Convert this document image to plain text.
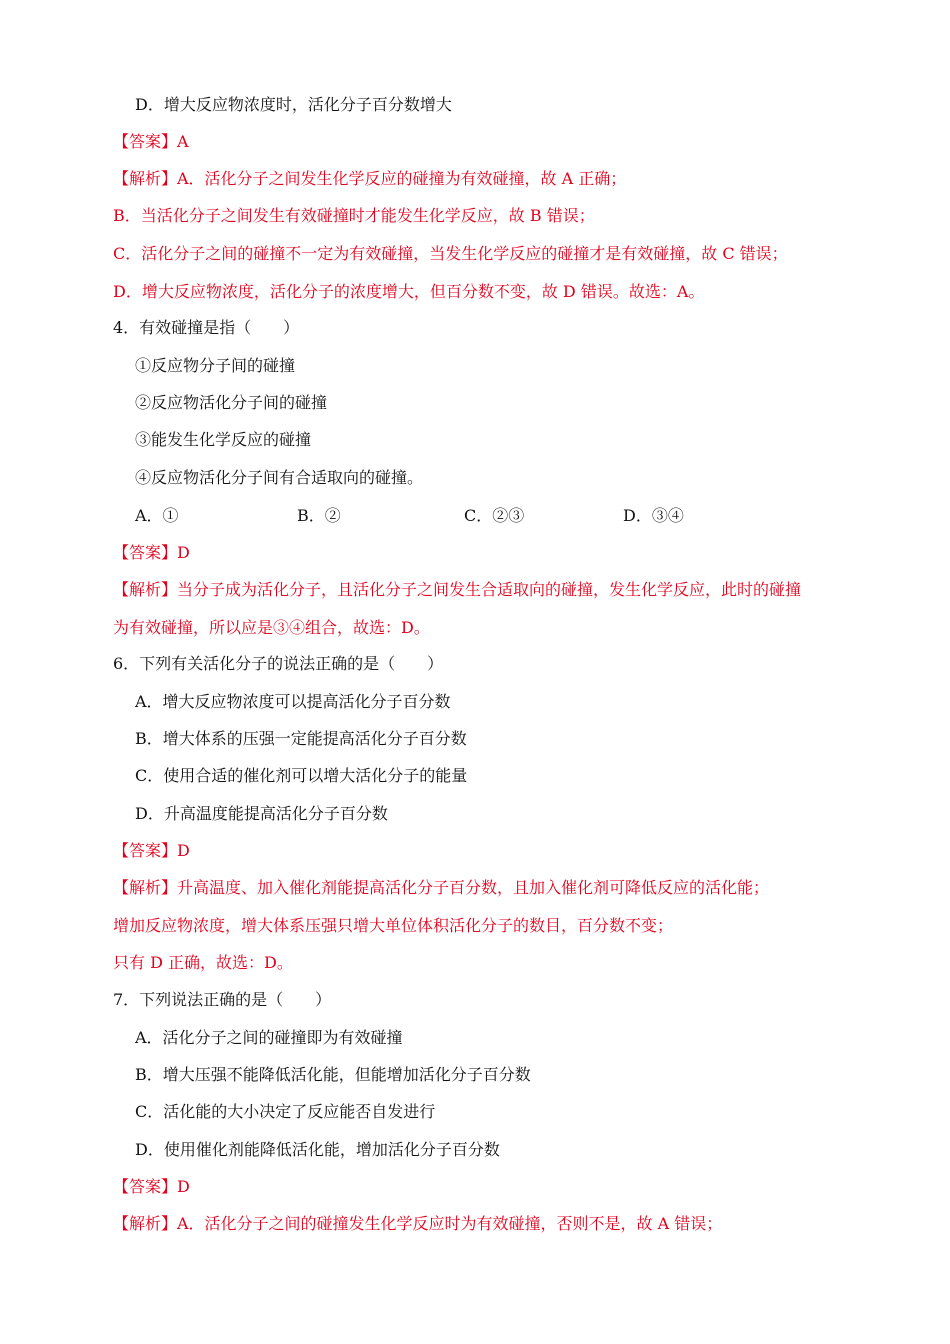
D．增大反应物浓度时，活化分子百分数增大
【答案】A
【解析】A．活化分子之间发生化学反应的碰撞为有效碰撞，故 A 正确；
B．当活化分子之间发生有效碰撞时才能发生化学反应，故 B 错误；
C．活化分子之间的碰撞不一定为有效碰撞，当发生化学反应的碰撞才是有效碰撞，故 C 错误；
D．增大反应物浓度，活化分子的浓度增大，但百分数不变，故 D 错误。故选：A。
4．有效碰撞是指（　　）
①反应物分子间的碰撞
②反应物活化分子间的碰撞
③能发生化学反应的碰撞
④反应物活化分子间有合适取向的碰撞。
A．①	B．②	C．②③	D．③④
【答案】D
【解析】当分子成为活化分子，且活化分子之间发生合适取向的碰撞，发生化学反应，此时的碰撞
为有效碰撞，所以应是③④组合，故选：D。
6．下列有关活化分子的说法正确的是（　　）
A．增大反应物浓度可以提高活化分子百分数
B．增大体系的压强一定能提高活化分子百分数
C．使用合适的催化剂可以增大活化分子的能量
D．升高温度能提高活化分子百分数
【答案】D
【解析】升高温度、加入催化剂能提高活化分子百分数，且加入催化剂可降低反应的活化能；
增加反应物浓度，增大体系压强只增大单位体积活化分子的数目，百分数不变；
只有 D 正确，故选：D。
7．下列说法正确的是（　　）
A．活化分子之间的碰撞即为有效碰撞
B．增大压强不能降低活化能，但能增加活化分子百分数
C．活化能的大小决定了反应能否自发进行
D．使用催化剂能降低活化能，增加活化分子百分数
【答案】D
【解析】A．活化分子之间的碰撞发生化学反应时为有效碰撞，否则不是，故 A 错误；
